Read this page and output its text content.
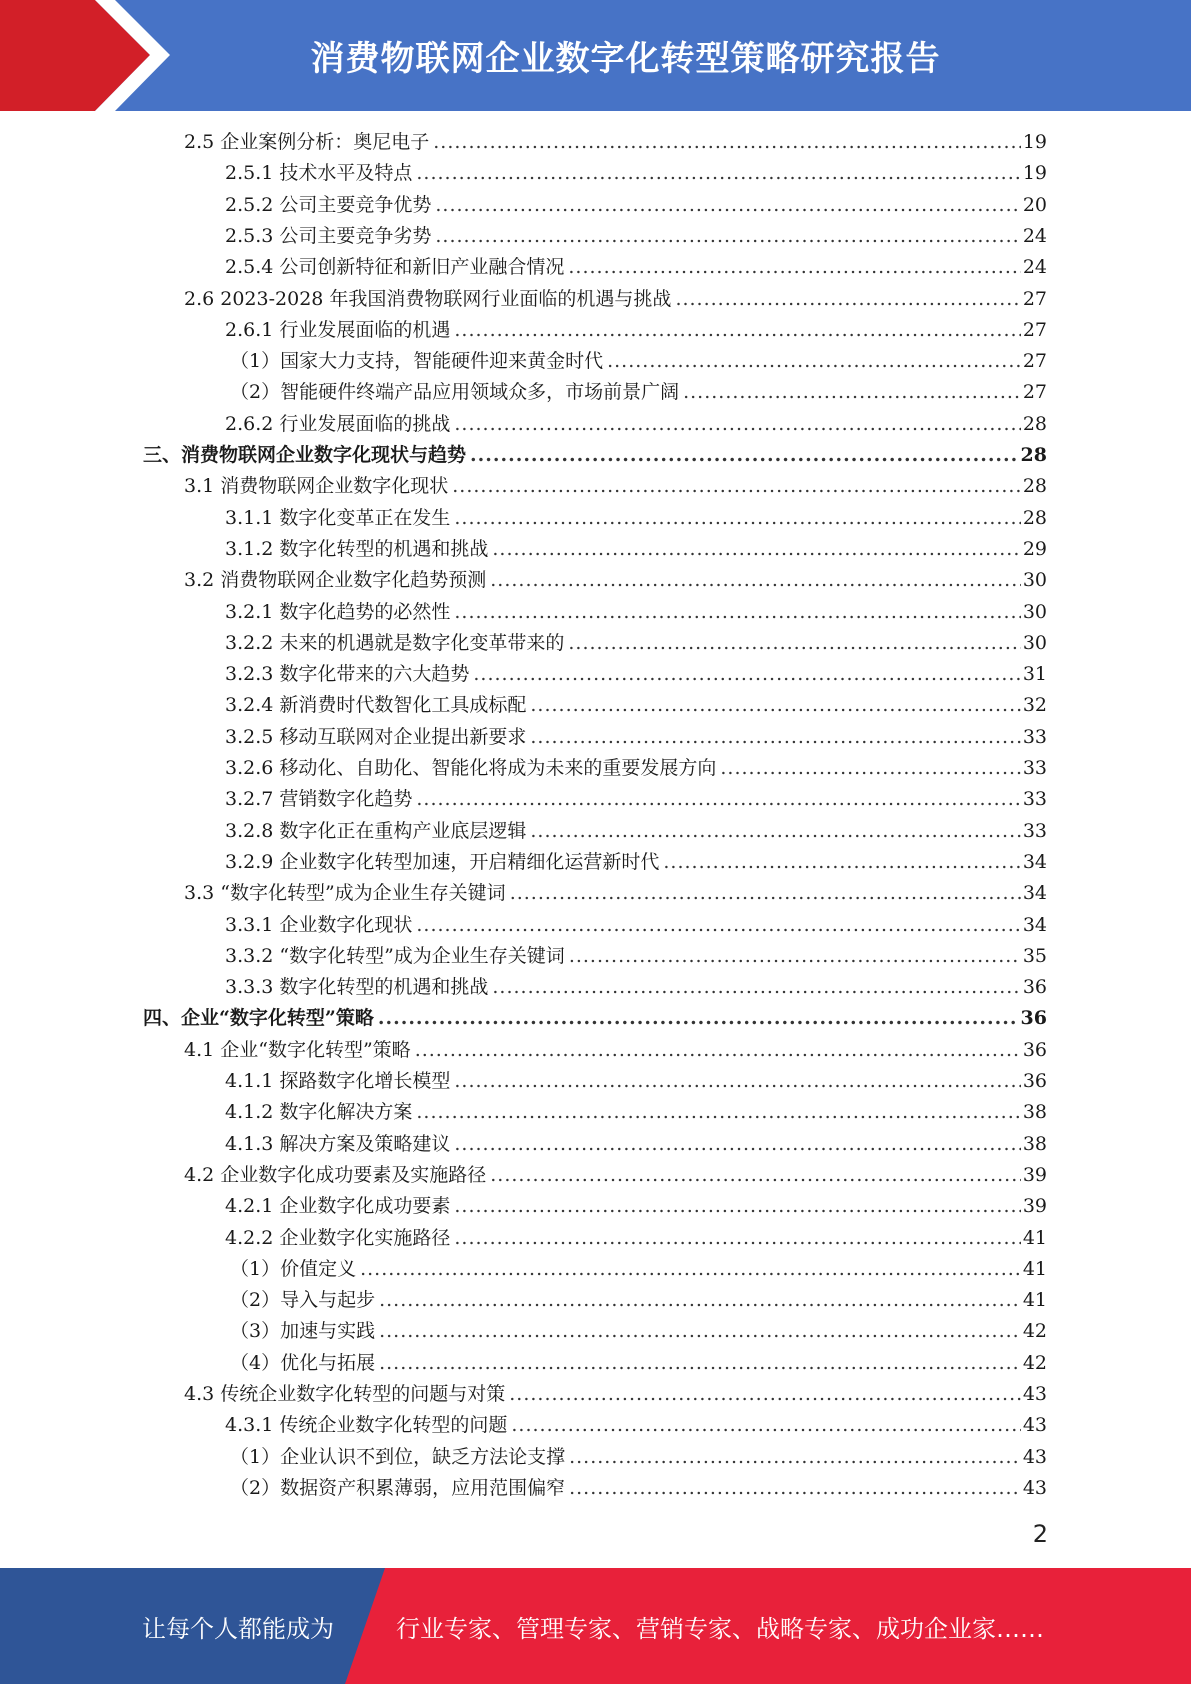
消费物联网企业数字化转型策略研究报告
2.5 企业案例分析：奥尼电子 .....	19
2.5.1 技术水平及特点 .....	19
2.5.2 公司主要竞争优势 .....	20
2.5.3 公司主要竞争劣势 .....	24
2.5.4 公司创新特征和新旧产业融合情况 .....	24
2.6 2023-2028 年我国消费物联网行业面临的机遇与挑战 .....	27
2.6.1 行业发展面临的机遇 .....	27
（1）国家大力支持，智能硬件迎来黄金时代 .....	27
（2）智能硬件终端产品应用领域众多，市场前景广阔 .....	27
2.6.2 行业发展面临的挑战 .....	28
三、消费物联网企业数字化现状与趋势 .....	28
3.1 消费物联网企业数字化现状 .....	28
3.1.1 数字化变革正在发生 .....	28
3.1.2 数字化转型的机遇和挑战 .....	29
3.2 消费物联网企业数字化趋势预测 .....	30
3.2.1 数字化趋势的必然性 .....	30
3.2.2 未来的机遇就是数字化变革带来的 .....	30
3.2.3 数字化带来的六大趋势 .....	31
3.2.4 新消费时代数智化工具成标配 .....	32
3.2.5 移动互联网对企业提出新要求 .....	33
3.2.6 移动化、自助化、智能化将成为未来的重要发展方向 .....	33
3.2.7 营销数字化趋势 .....	33
3.2.8 数字化正在重构产业底层逻辑 .....	33
3.2.9 企业数字化转型加速，开启精细化运营新时代 .....	34
3.3 “数字化转型”成为企业生存关键词 .....	34
3.3.1 企业数字化现状 .....	34
3.3.2 “数字化转型”成为企业生存关键词 .....	35
3.3.3 数字化转型的机遇和挑战 .....	36
四、企业“数字化转型”策略 .....	36
4.1 企业“数字化转型”策略 .....	36
4.1.1 探路数字化增长模型 .....	36
4.1.2 数字化解决方案 .....	38
4.1.3 解决方案及策略建议 .....	38
4.2 企业数字化成功要素及实施路径 .....	39
4.2.1 企业数字化成功要素 .....	39
4.2.2 企业数字化实施路径 .....	41
（1）价值定义 .....	41
（2）导入与起步 .....	41
（3）加速与实践 .....	42
（4）优化与拓展 .....	42
4.3 传统企业数字化转型的问题与对策 .....	43
4.3.1 传统企业数字化转型的问题 .....	43
（1）企业认识不到位，缺乏方法论支撑 .....	43
（2）数据资产积累薄弱，应用范围偏窄 .....	43
2
让每个人都能成为	行业专家、管理专家、营销专家、战略专家、成功企业家……
